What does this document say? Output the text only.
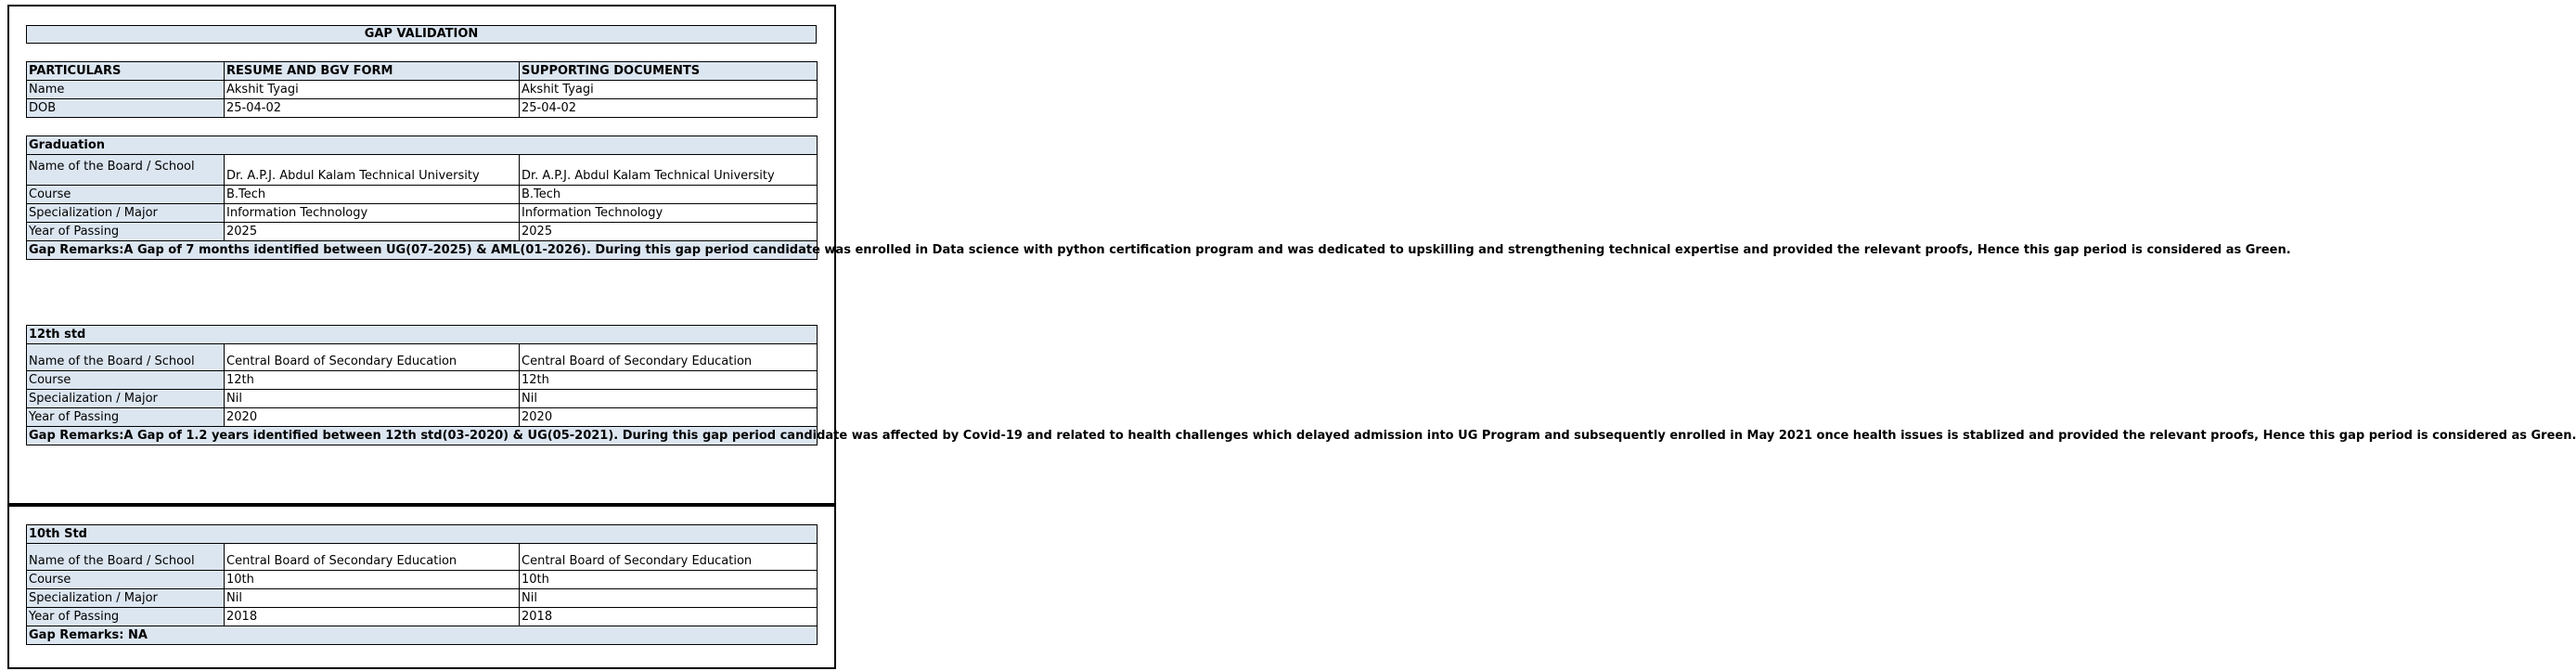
GAP VALIDATION
PARTICULARS	RESUME AND BGV FORM	SUPPORTING DOCUMENTS
Name	Akshit Tyagi	Akshit Tyagi
DOB	25-04-02	25-04-02
Graduation		
Name of the Board / School	Dr. A.P.J. Abdul Kalam Technical University	Dr. A.P.J. Abdul Kalam Technical University
Course	B.Tech	B.Tech
Specialization / Major	Information Technology	Information Technology
Year of Passing	2025	2025
Gap Remarks:A Gap of 7 months identified between UG(07-2025) & AML(01-2026). During this gap period candidate was enrolled in Data science with python certification program and was dedicated to upskilling and strengthening technical expertise and provided the relevant proofs, Hence this gap period is considered as Green.		
12th std		
Name of the Board / School	Central Board of Secondary Education	Central Board of Secondary Education
Course	12th	12th
Specialization / Major	Nil	Nil
Year of Passing	2020	2020
Gap Remarks:A Gap of 1.2 years identified between 12th std(03-2020) & UG(05-2021). During this gap period candidate was affected by Covid-19 and related to health challenges which delayed admission into UG Program and subsequently enrolled in May 2021 once health issues is stablized and provided the relevant proofs, Hence this gap period is considered as Green.		
10th Std		
Name of the Board / School	Central Board of Secondary Education	Central Board of Secondary Education
Course	10th	10th
Specialization / Major	Nil	Nil
Year of Passing	2018	2018
Gap Remarks: NA		
